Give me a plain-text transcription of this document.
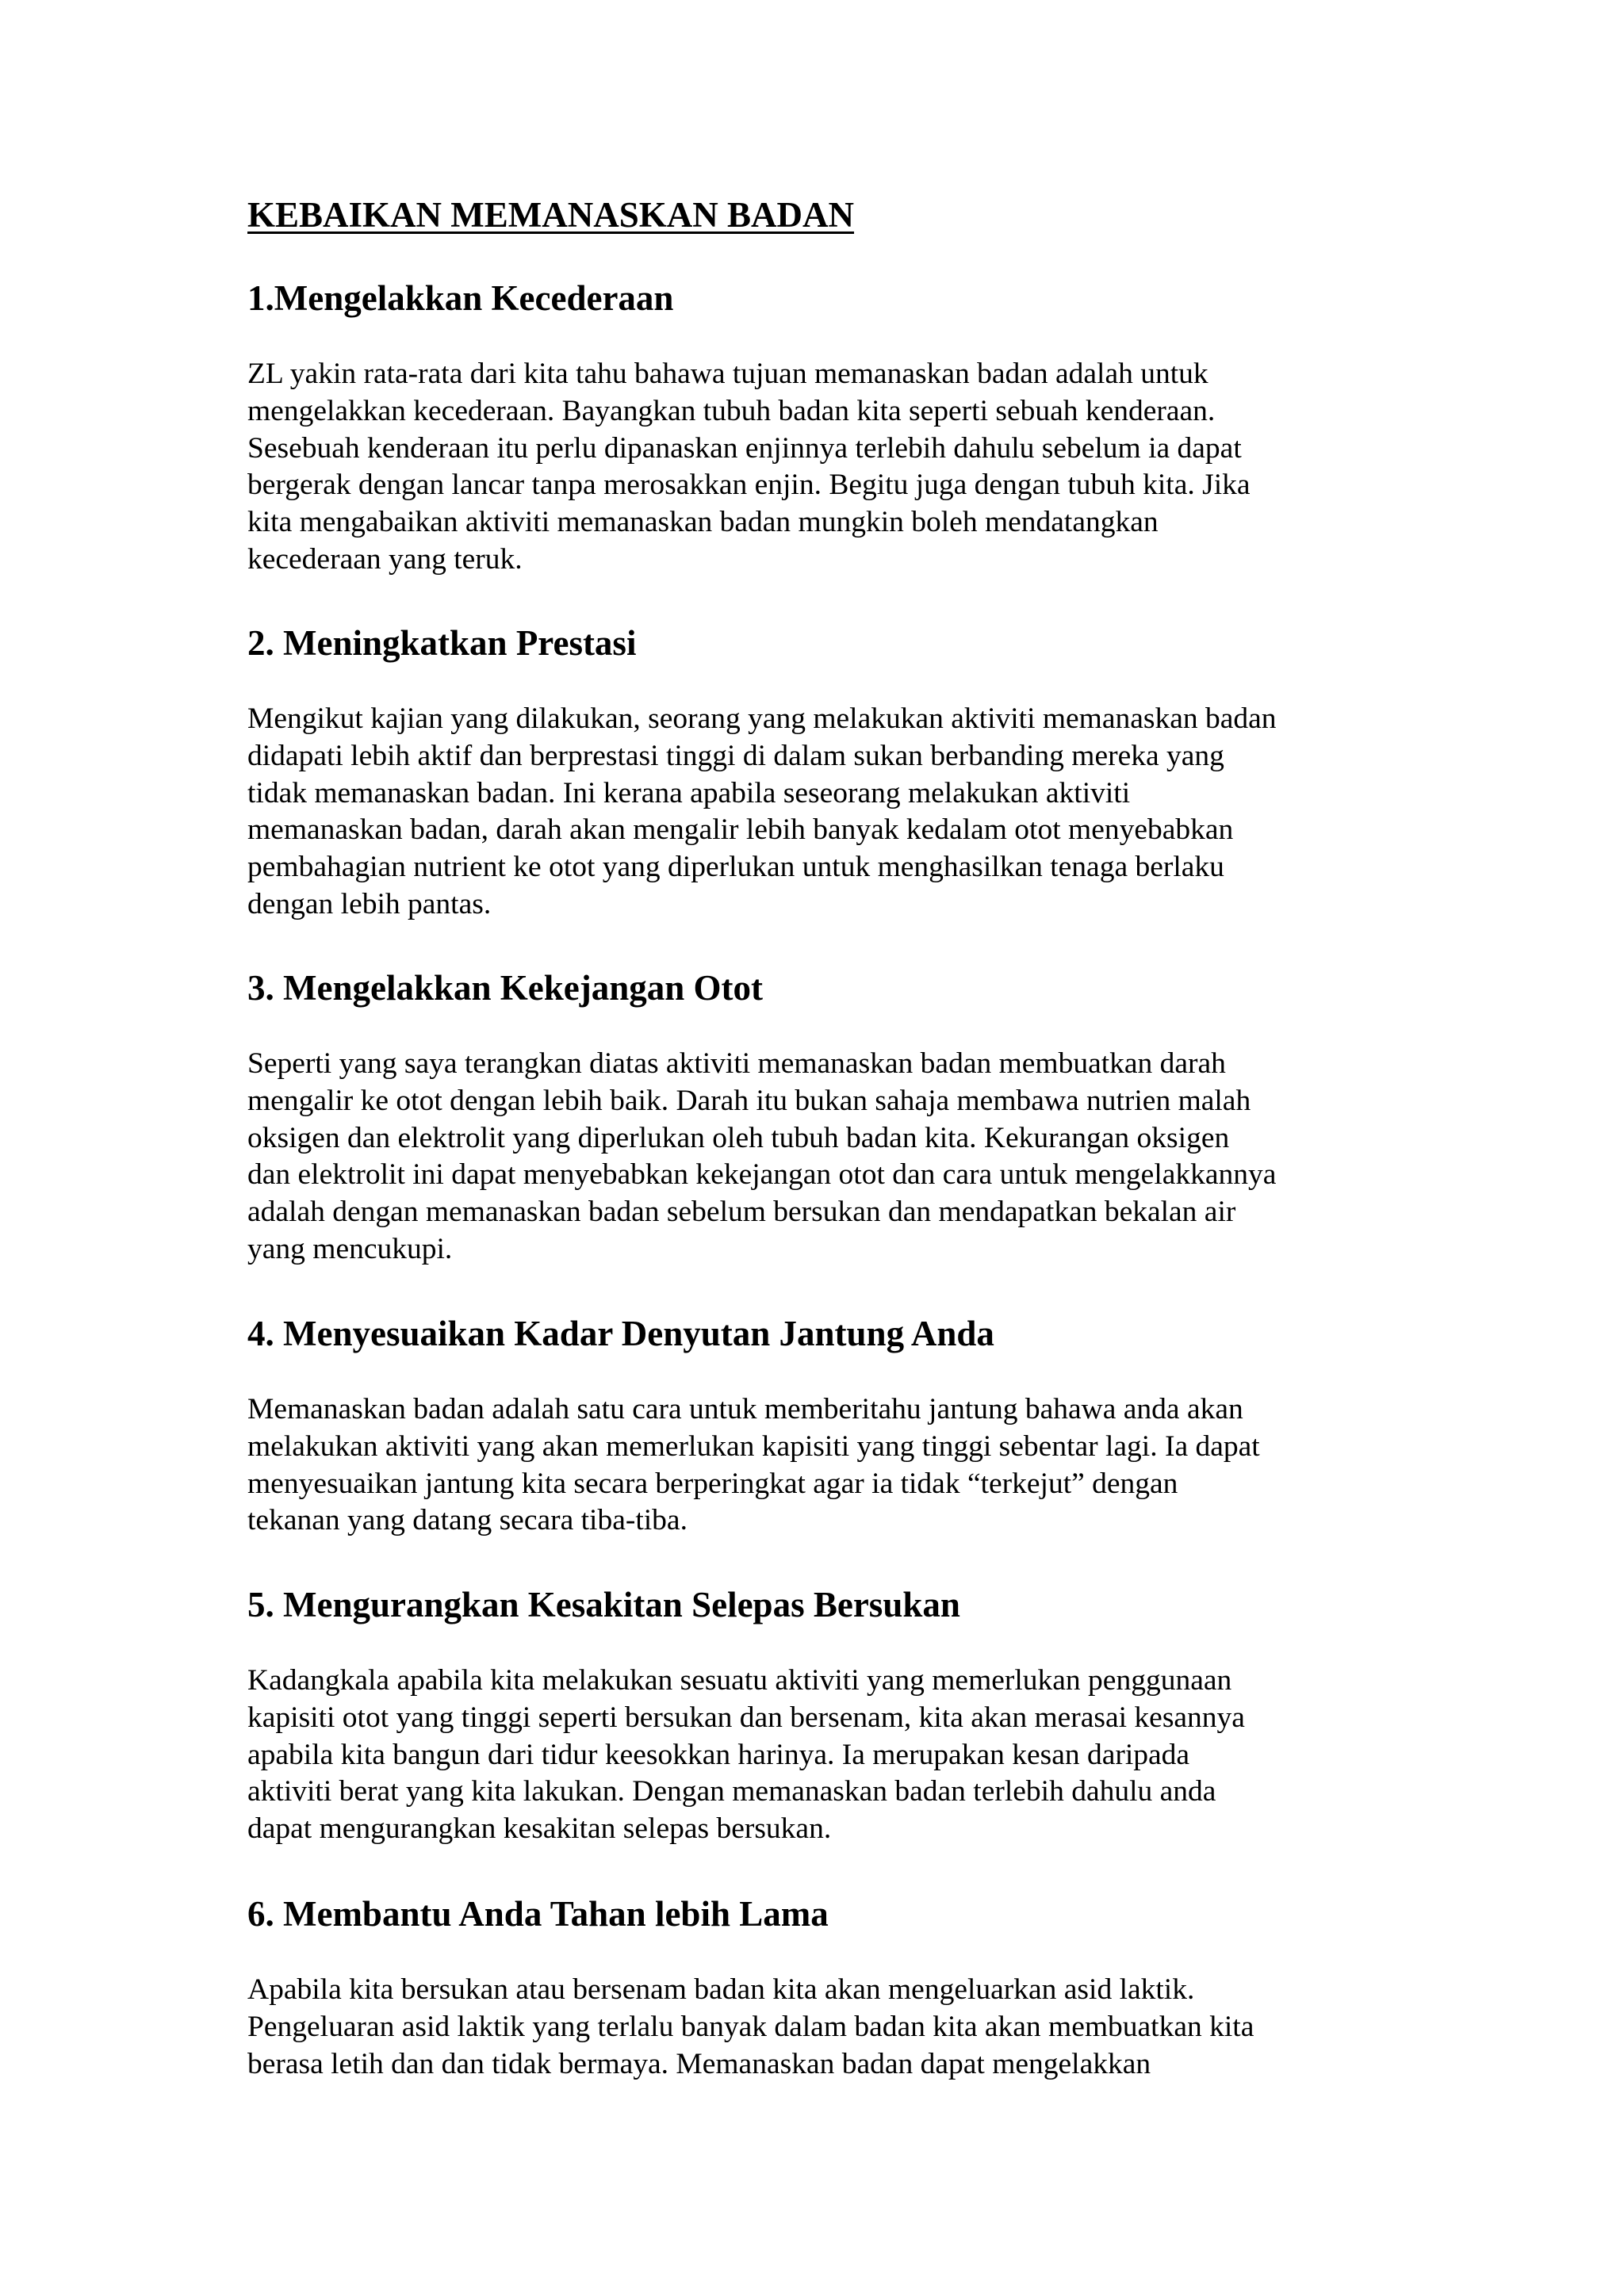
KEBAIKAN MEMANASKAN BADAN
1.Mengelakkan Kecederaan

ZL yakin rata-rata dari kita tahu bahawa tujuan memanaskan badan adalah untuk
mengelakkan kecederaan. Bayangkan tubuh badan kita seperti sebuah kenderaan.
Sesebuah kenderaan itu perlu dipanaskan enjinnya terlebih dahulu sebelum ia dapat
bergerak dengan lancar tanpa merosakkan enjin. Begitu juga dengan tubuh kita. Jika
kita mengabaikan aktiviti memanaskan badan mungkin boleh mendatangkan
kecederaan yang teruk.

2. Meningkatkan Prestasi

Mengikut kajian yang dilakukan, seorang yang melakukan aktiviti memanaskan badan
didapati lebih aktif dan berprestasi tinggi di dalam sukan berbanding mereka yang
tidak memanaskan badan. Ini kerana apabila seseorang melakukan aktiviti
memanaskan badan, darah akan mengalir lebih banyak kedalam otot menyebabkan
pembahagian nutrient ke otot yang diperlukan untuk menghasilkan tenaga berlaku
dengan lebih pantas.

3. Mengelakkan Kekejangan Otot

Seperti yang saya terangkan diatas aktiviti memanaskan badan membuatkan darah
mengalir ke otot dengan lebih baik. Darah itu bukan sahaja membawa nutrien malah
oksigen dan elektrolit yang diperlukan oleh tubuh badan kita. Kekurangan oksigen
dan elektrolit ini dapat menyebabkan kekejangan otot dan cara untuk mengelakkannya
adalah dengan memanaskan badan sebelum bersukan dan mendapatkan bekalan air
yang mencukupi.

4. Menyesuaikan Kadar Denyutan Jantung Anda

Memanaskan badan adalah satu cara untuk memberitahu jantung bahawa anda akan
melakukan aktiviti yang akan memerlukan kapisiti yang tinggi sebentar lagi. Ia dapat
menyesuaikan jantung kita secara berperingkat agar ia tidak “terkejut” dengan
tekanan yang datang secara tiba-tiba.

5. Mengurangkan Kesakitan Selepas Bersukan

Kadangkala apabila kita melakukan sesuatu aktiviti yang memerlukan penggunaan
kapisiti otot yang tinggi seperti bersukan dan bersenam, kita akan merasai kesannya
apabila kita bangun dari tidur keesokkan harinya. Ia merupakan kesan daripada
aktiviti berat yang kita lakukan. Dengan memanaskan badan terlebih dahulu anda
dapat mengurangkan kesakitan selepas bersukan.

6. Membantu Anda Tahan lebih Lama

Apabila kita bersukan atau bersenam badan kita akan mengeluarkan asid laktik.
Pengeluaran asid laktik yang terlalu banyak dalam badan kita akan membuatkan kita
berasa letih dan dan tidak bermaya. Memanaskan badan dapat mengelakkan
